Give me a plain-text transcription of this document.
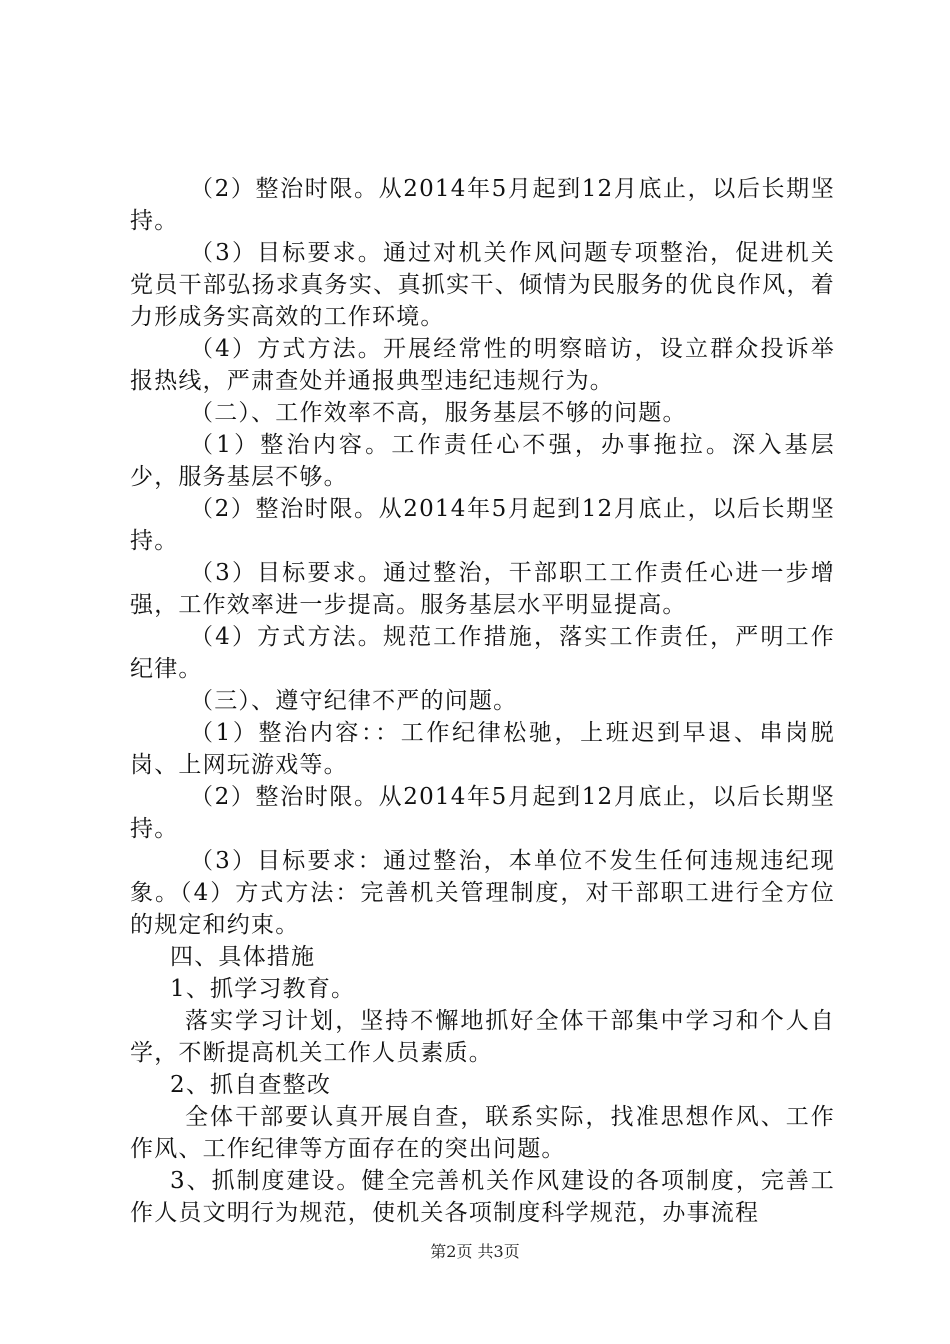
（2）整治时限。从2014年5月起到12月底止，以后长期坚持。

（3）目标要求。通过对机关作风问题专项整治，促进机关党员干部弘扬求真务实、真抓实干、倾情为民服务的优良作风，着力形成务实高效的工作环境。

（4）方式方法。开展经常性的明察暗访，设立群众投诉举报热线，严肃查处并通报典型违纪违规行为。

（二）、工作效率不高，服务基层不够的问题。

（1）整治内容。工作责任心不强，办事拖拉。深入基层少，服务基层不够。

（2）整治时限。从2014年5月起到12月底止，以后长期坚持。

（3）目标要求。通过整治，干部职工工作责任心进一步增强，工作效率进一步提高。服务基层水平明显提高。

（4）方式方法。规范工作措施，落实工作责任，严明工作纪律。

（三）、遵守纪律不严的问题。

（1）整治内容：：工作纪律松驰，上班迟到早退、串岗脱岗、上网玩游戏等。

（2）整治时限。从2014年5月起到12月底止，以后长期坚持。

（3）目标要求：通过整治，本单位不发生任何违规违纪现象。（4）方式方法：完善机关管理制度，对干部职工进行全方位的规定和约束。

四、具体措施

1、抓学习教育。

落实学习计划，坚持不懈地抓好全体干部集中学习和个人自学，不断提高机关工作人员素质。

2、抓自查整改

全体干部要认真开展自查，联系实际，找准思想作风、工作作风、工作纪律等方面存在的突出问题。

3、抓制度建设。健全完善机关作风建设的各项制度，完善工作人员文明行为规范，使机关各项制度科学规范，办事流程

第2页 共3页
